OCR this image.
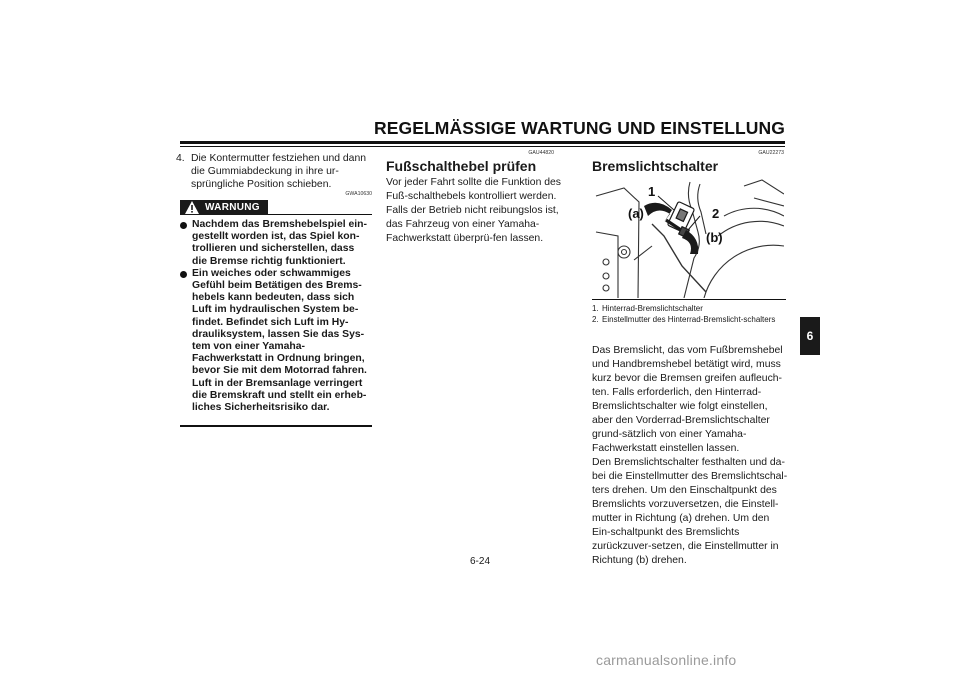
REGELMÄSSIGE WARTUNG UND EINSTELLUNG
4. Die Kontermutter festziehen und dann die Gummiabdeckung in ihre ur-sprüngliche Position schieben.
GWA10630
WARNUNG

Nachdem das Bremshebelspiel ein-gestellt worden ist, das Spiel kon-trollieren und sicherstellen, dass die Bremse richtig funktioniert.

Ein weiches oder schwammiges Gefühl beim Betätigen des Brems-hebels kann bedeuten, dass sich Luft im hydraulischen System be-findet. Befindet sich Luft im Hy-drauliksystem, lassen Sie das Sys-tem von einer Yamaha-Fachwerkstatt in Ordnung bringen, bevor Sie mit dem Motorrad fahren. Luft in der Bremsanlage verringert die Bremskraft und stellt ein erheb-liches Sicherheitsrisiko dar.

GAU44820
Fußschalthebel prüfen
Vor jeder Fahrt sollte die Funktion des Fuß-schalthebels kontrolliert werden. Falls der Betrieb nicht reibungslos ist, das Fahrzeug von einer Yamaha-Fachwerkstatt überprü-fen lassen.
GAU22273
Bremslichtschalter
1
(a)	2
(b)
1. Hinterrad-Bremslichtschalter
2. Einstellmutter des Hinterrad-Bremslicht-schalters
Das Bremslicht, das vom Fußbremshebel und Handbremshebel betätigt wird, muss kurz bevor die Bremsen greifen aufleuch-ten. Falls erforderlich, den Hinterrad-Bremslichtschalter wie folgt einstellen, aber den Vorderrad-Bremslichtschalter grund-sätzlich von einer Yamaha-Fachwerkstatt einstellen lassen.
Den Bremslichtschalter festhalten und da-bei die Einstellmutter des Bremslichtschal-ters drehen. Um den Einschaltpunkt des Bremslichts vorzuversetzen, die Einstell-mutter in Richtung (a) drehen. Um den Ein-schaltpunkt des Bremslichts zurückzuver-setzen, die Einstellmutter in Richtung (b) drehen.
6
6-24
carmanualsonline.info
